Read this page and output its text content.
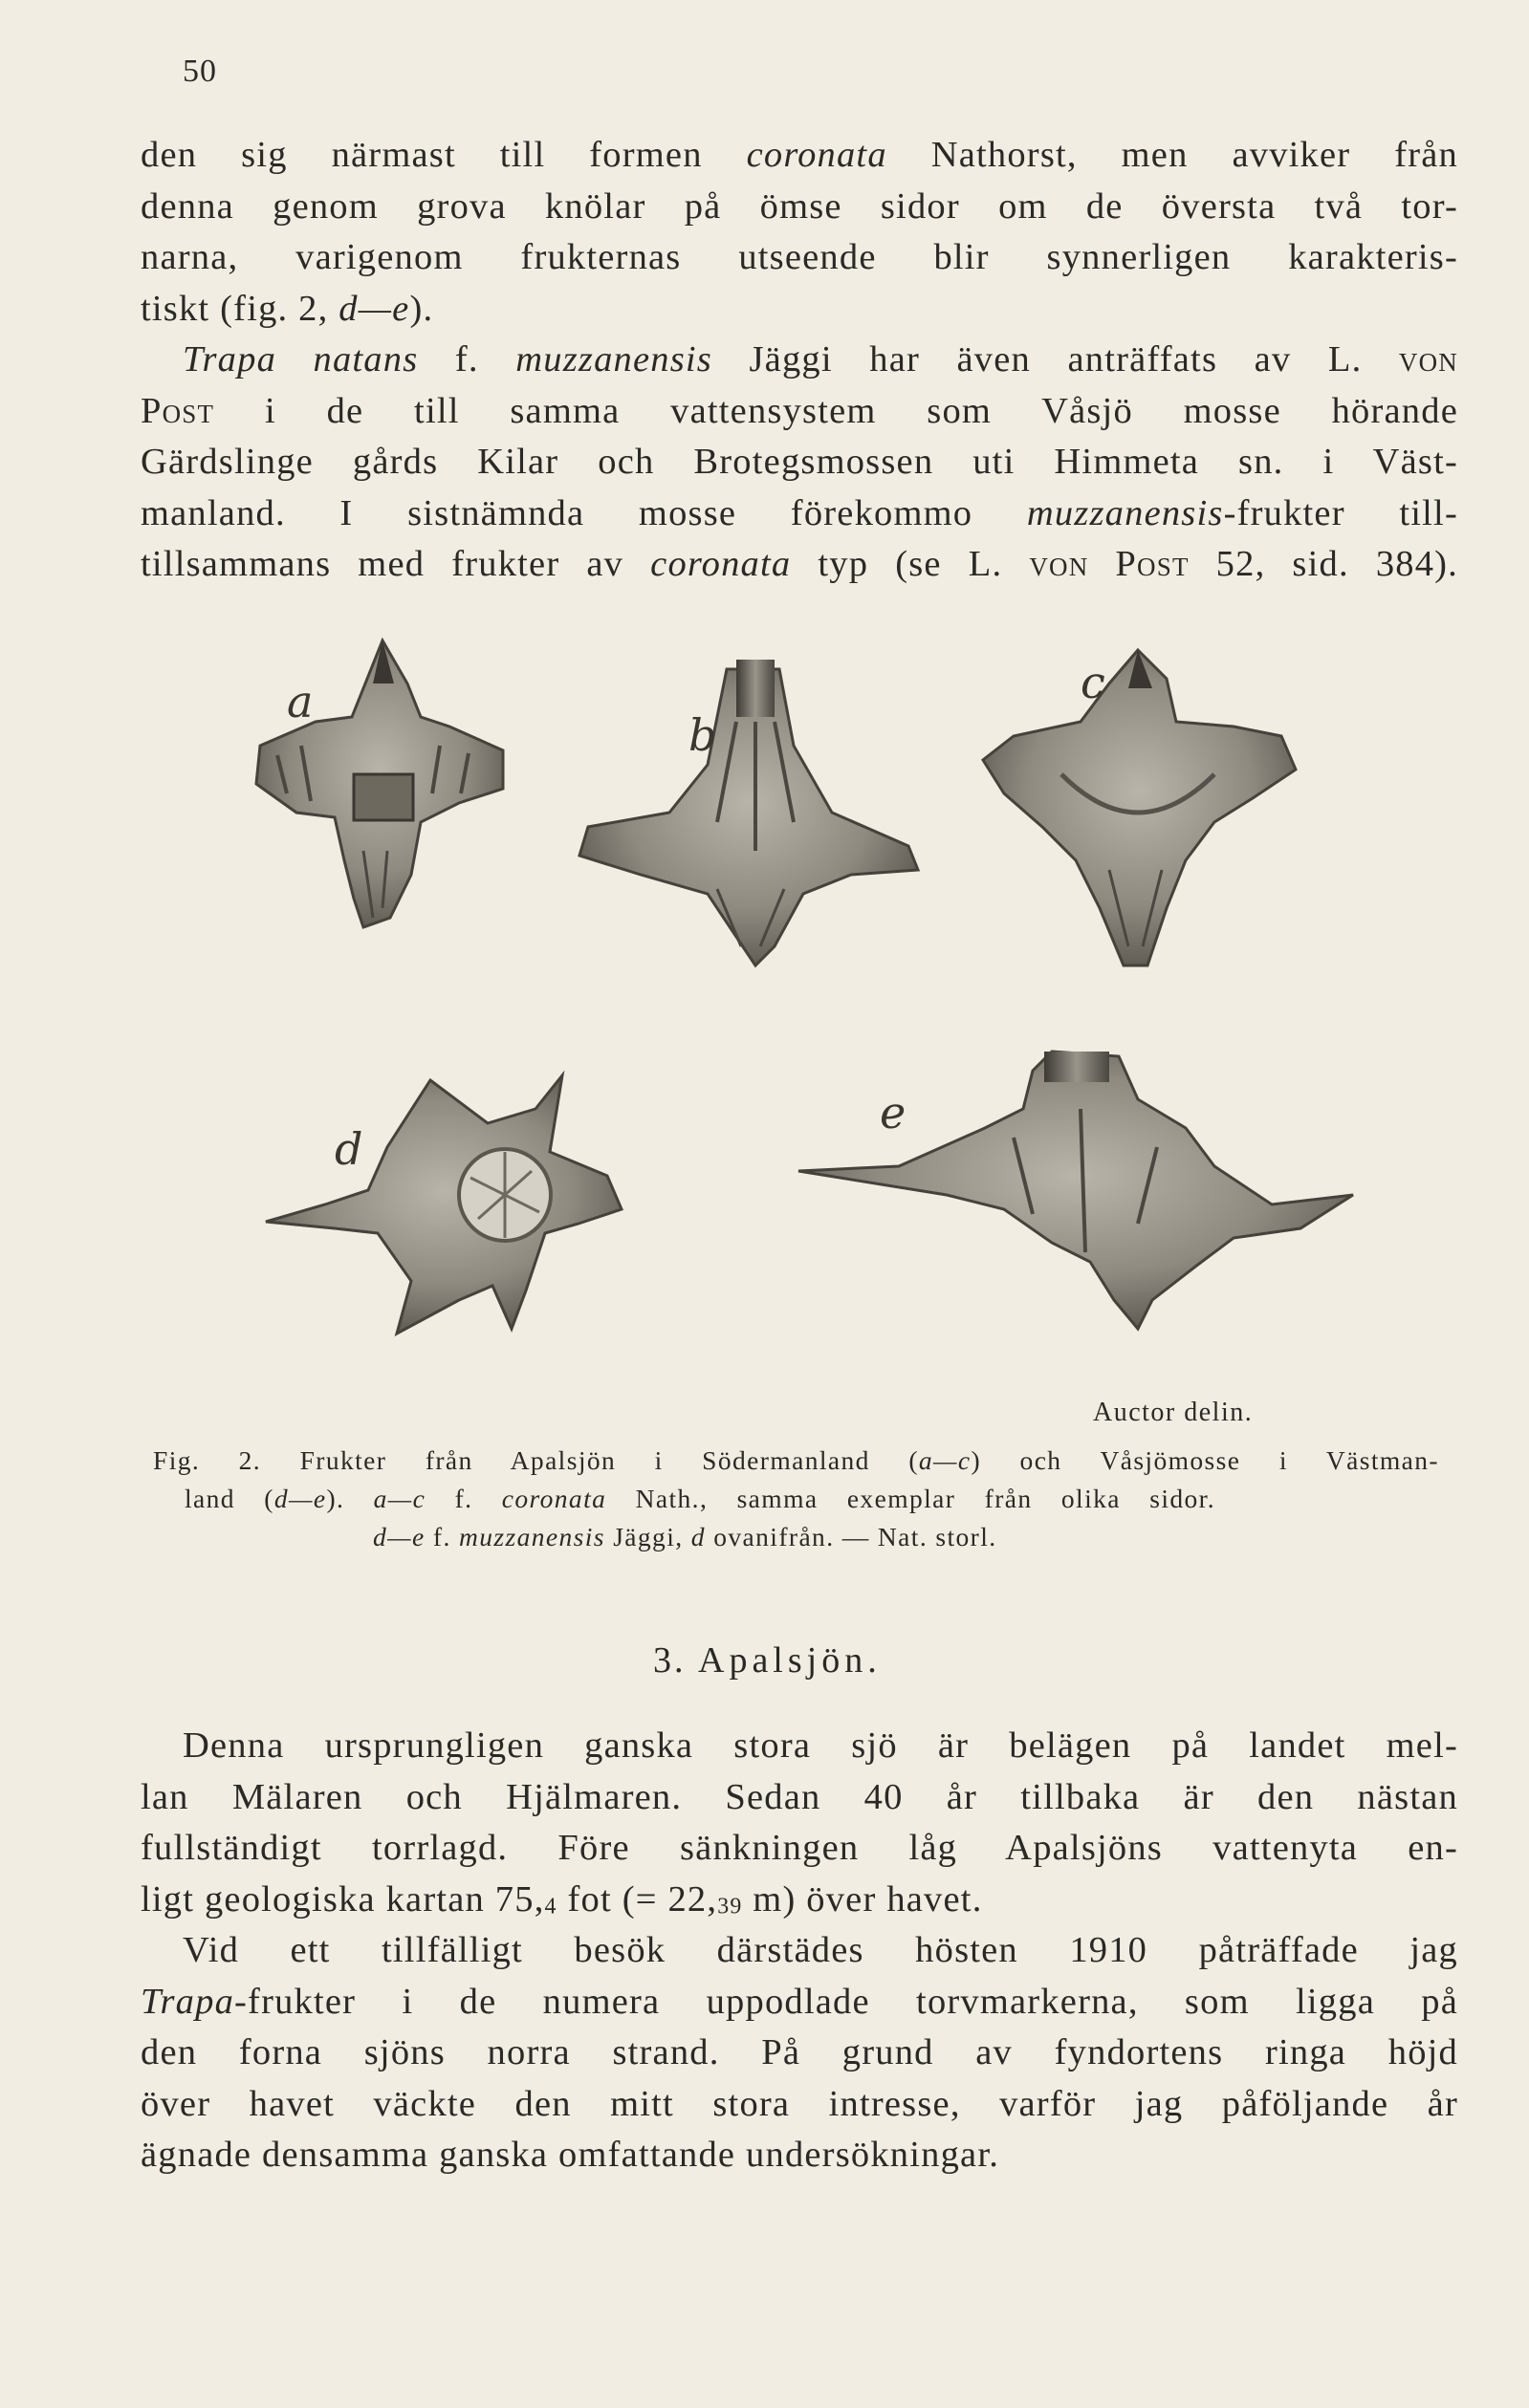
50
den sig närmast till formen coronata Nathorst, men avviker från
denna genom grova knölar på ömse sidor om de översta två tor-
narna, varigenom frukternas utseende blir synnerligen karakteris-
tiskt (fig. 2, d—e).
Trapa natans f. muzzanensis Jäggi har även anträffats av L. von
Post i de till samma vattensystem som Våsjö mosse hörande
Gärdslinge gårds Kilar och Brotegsmossen uti Himmeta sn. i Väst-
manland. I sistnämnda mosse förekommo muzzanensis-frukter till-
tillsammans med frukter av coronata typ (se L. von Post 52, sid. 384).
a
b
c
d
e
Auctor delin.
Fig. 2. Frukter från Apalsjön i Södermanland (a—c) och Våsjömosse i Västman-
land (d—e). a—c f. coronata Nath., samma exemplar från olika sidor.
d—e f. muzzanensis Jäggi, d ovanifrån. — Nat. storl.
3. Apalsjön.
Denna ursprungligen ganska stora sjö är belägen på landet mel-
lan Mälaren och Hjälmaren. Sedan 40 år tillbaka är den nästan
fullständigt torrlagd. Före sänkningen låg Apalsjöns vattenyta en-
ligt geologiska kartan 75,4 fot (= 22,39 m) över havet.
Vid ett tillfälligt besök därstädes hösten 1910 påträffade jag
Trapa-frukter i de numera uppodlade torvmarkerna, som ligga på
den forna sjöns norra strand. På grund av fyndortens ringa höjd
över havet väckte den mitt stora intresse, varför jag påföljande år
ägnade densamma ganska omfattande undersökningar.
